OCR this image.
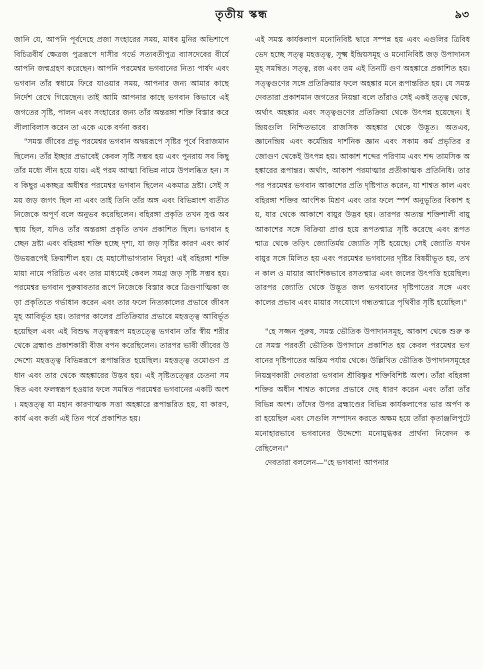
তৃতীয় স্কন্ধ	৯৩

জানি যে, আপনি পূর্বদেহে প্রজা সংহারের সময়, মাধব মুনির অভিশাপে বিচিত্রবীর্য ক্ষেত্রজ পুত্ররূপে দাসীর গর্ভে সত্যবতীপুত্র ব্যাসদেবের বীর্যে আপনি জন্মগ্রহণ করেছেন। আপনি পরমেশ্বর ভগবানের নিত্য পার্ষদ এবং ভগবান তাঁর স্বধামে ফিরে যাওয়ার সময়, আপনার জন্য আমার কাছে নির্দেশ রেখে গিয়েছেন। তাই আমি আপনার কাছে ভগবান কিভাবে এই জগতের সৃষ্টি, পালন এবং সংহারের জন্য তাঁর অন্তরঙ্গা শক্তি বিস্তার করে লীলাবিলাস করেন তা একে একে বর্ণনা করব।

"সমস্ত জীবের প্রভু পরমেশ্বর ভগবান অদ্বয়রূপে সৃষ্টির পূর্বে বিরাজমান ছিলেন। তাঁর ইচ্ছার প্রভাবেই কেবল সৃষ্টি সম্ভব হয় এবং পুনরায় সব কিছু তাঁর মধ্যে লীন হয়ে যায়। এই পরম আত্মা বিভিন্ন নামে উপলব্ধিত হন। সব কিছুর একচ্ছত্র অধীশ্বর পরমেশ্বর ভগবান ছিলেন একমাত্র দ্রষ্টা। সেই সময় জড় জগৎ ছিল না এবং তাই তিনি তাঁর অঙ্গ এবং বিভিন্নাংশ ব্যতীত নিজেকে অপূর্ণ বলে অনুভব করেছিলেন। বহিরঙ্গা প্রকৃতি তখন সুপ্ত অবস্থায় ছিল, যদিও তাঁর অন্তরঙ্গা প্রকৃতি তখন প্রকাশিত ছিল। ভগবান হচ্ছেন দ্রষ্টা এবং বহিরঙ্গা শক্তি হচ্ছে দৃশ্য, যা জড় সৃষ্টির কারণ এবং কার্য উভয়রূপেই ক্রিয়াশীল হয়। হে মহাসৌভাগ্যবান বিদুর! এই বহিরঙ্গা শক্তি মায়া নামে পরিচিত এবং তার মাধ্যমেই কেবল সমগ্র জড় সৃষ্টি সম্ভব হয়। পরমেশ্বর ভগবান পুরুষাবতার রূপে নিজেকে বিস্তার করে ত্রিগুণাত্মিকা জড়া প্রকৃতিতে গর্ভাধান করেন এবং তার ফলে নিত্যকালের প্রভাবে জীবসমূহ আবির্ভূত হয়। তারপর কালের প্রতিক্রিয়ার প্রভাবে মহত্তত্ত্ব আবির্ভূত হয়েছিল এবং এই বিশুদ্ধ সত্ত্বস্বরূপ মহতত্ত্বে ভগবান তাঁর স্বীয় শরীর থেকে ব্রহ্মাণ্ড প্রকাশকারী বীজ বপন করেছিলেন। তারপর ভাবী জীবের উদ্দেশ্যে মহত্তত্ত্ব বিভিন্নরূপে রূপান্তরিত হয়েছিল। মহত্তত্ত্ব তমোগুণ প্রধান এবং তার থেকে অহঙ্কারের উদ্ভব হয়। এই সৃষ্টিতত্ত্বের চেতনা সমন্বিত এবং ফলস্বরূপ হওয়ার ফলে সমন্বিত পরমেশ্বর ভগবানের একটি অংশ। মহত্তত্ত্ব যা মহান কারণাত্মক সত্তা অহঙ্কারে রূপান্তরিত হয়, যা কারণ, কার্য এবং কর্তা এই তিন পর্বে প্রকাশিত হয়।

এই সমস্ত কার্যকলাপ মনোনিবিষ্ট দ্বারে সম্পন্ন হয় এবং এগুলির ত্রিবিধ ভেদ হচ্ছে সত্ত্ব মহত্তত্ত্ব, সূক্ষ্ম ইন্দ্রিয়সমূহ ও মনোনিবিষ্ট জড় উপাদানসমূহ সমন্বিত। সত্ত্ব, রজ এবং তম এই তিনটি গুণ অহঙ্কারে প্রকাশিত হয়। সত্ত্বগুণের সঙ্গে প্রতিক্রিয়ার ফলে অহঙ্কার মনে রূপান্তরিত হয়। যে সমস্ত দেবতারা প্রকাশমান জগতের নিয়ন্তা বলে তাঁরাও সেই একই তত্ত্ব থেকে, অর্থাৎ অহঙ্কার এবং সত্ত্বগুণের প্রতিক্রিয়া থেকে উৎপন্ন হয়েছেন। ইন্দ্রিয়গুলি নিশ্চিতভাবে রাজসিক অহঙ্কার থেকে উদ্ভূত। অতএব, জ্ঞানেন্দ্রিয় এবং কর্মেন্দ্রিয় দার্শনিক জ্ঞান এবং সকাম কর্ম প্রভৃতির রজোগুণ থেকেই উৎপন্ন হয়। আকাশ শব্দের পরিণাম এবং শব্দ তামসিক অহঙ্কারের রূপান্তর। অর্থাৎ, আকাশ পরমাত্মার প্রতীকাত্মক প্রতিনিধি। তারপর পরমেশ্বর ভগবান আকাশের প্রতি দৃষ্টিপাত করেন, যা শাশ্বত কাল এবং বহিরঙ্গা শক্তির আংশিক মিশ্রণ এবং তার ফলে স্পর্শ অনুভূতির বিকাশ হয়, যার থেকে আকাশে বায়ুর উদ্ভব হয়। তারপর অত্যন্ত শক্তিশালী বায়ু আকাশের সঙ্গে বিক্রিয়া প্রাপ্ত হয়ে রূপতন্মাত্র সৃষ্টি করেছে এবং রূপতন্মাত্র থেকে তড়িৎ জ্যোতির্ময় জ্যোতি সৃষ্টি হয়েছে। সেই জ্যোতি যখন বায়ুর সঙ্গে মিলিত হয় এবং পরমেশ্বর ভগবানের দৃষ্টির বিষয়ীভূত হয়, তখন কাল ও মায়ার আংশিকভাবে রসতন্মাত্র এবং জলের উৎপত্তি হয়েছিল। তারপর জ্যোতি থেকে উদ্ভূত জল ভগবানের দৃষ্টিপাতের সঙ্গে এবং কালের প্রভাব এবং মায়ার সংযোগে গন্ধতন্মাত্রে পৃথিবীর সৃষ্টি হয়েছিল।"

"হে সজ্জন পুরুষ, সমস্ত ভৌতিক উপাদানসমূহ, আকাশ থেকে শুরু করে সমস্ত পরবর্তী ভৌতিক উপাদানে প্রকাশিত হয় কেবল পরমেশ্বর ভগবানের দৃষ্টিপাতের অন্তিম পর্যায় থেকে। উল্লিখিত ভৌতিক উপাদানসমূহের নিয়ন্ত্রণকারী দেবতারা ভগবান শ্রীবিষ্ণুর শক্তিবিশিষ্ট অংশ। তাঁরা বহিরঙ্গা শক্তির অধীন শাশ্বত কালের প্রভাবে দেহ ধারণ করেন এবং তাঁরা তাঁর বিভিন্ন অংশ। তাঁদের উপর ব্রহ্মাণ্ডের বিভিন্ন কার্যকলাপের ভার অর্পণ করা হয়েছিল এবং সেগুলি সম্পাদন করতে অক্ষম হয়ে তাঁরা কৃতাঞ্জলিপুটে মনোহারভাবে ভগবানের উদ্দেশ্যে মনোমুগ্ধকর প্রার্থনা নিবেদন করেছিলেন।"

দেবতারা বললেন—"হে ভগবান! আপনার
